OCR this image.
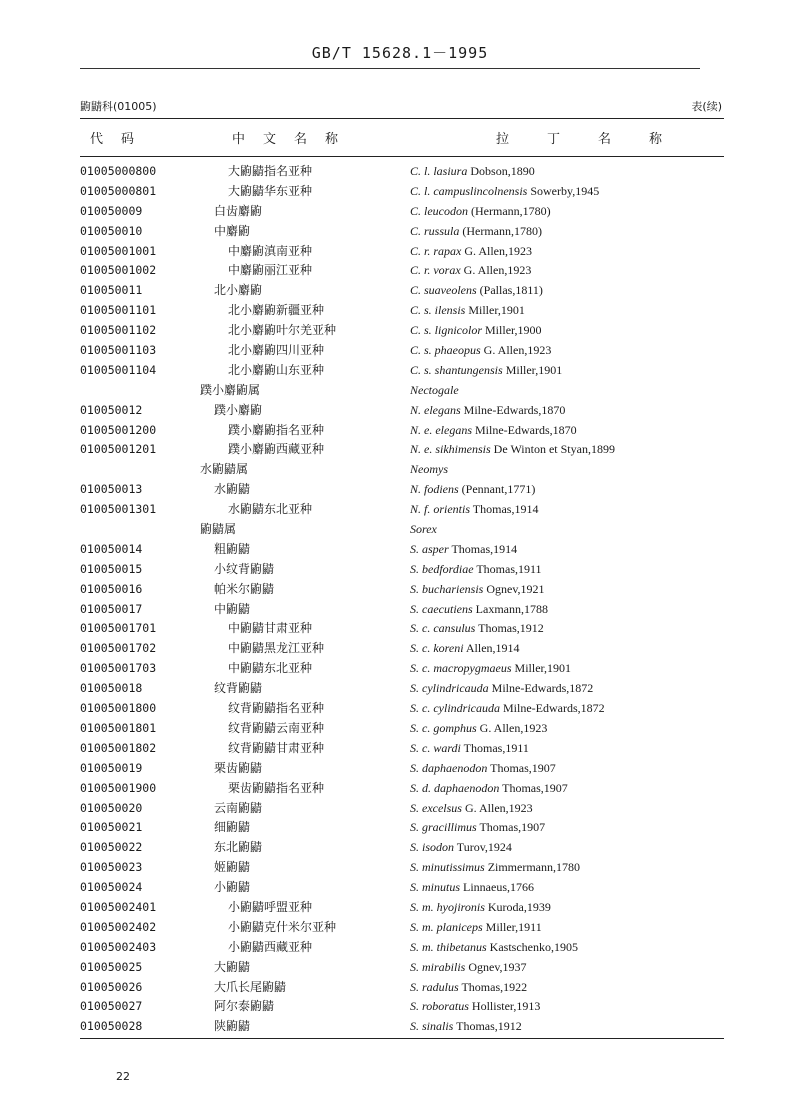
GB/T 15628.1－1995
鼩鼱科(01005)	表(续)
代码	中文名称	拉丁名称
01005000800	大鼩鼱指名亚种	C. l. lasiura Dobson,1890
01005000801	大鼩鼱华东亚种	C. l. campuslincolnensis Sowerby,1945
010050009	白齿麝鼩	C. leucodon (Hermann,1780)
010050010	中麝鼩	C. russula (Hermann,1780)
01005001001	中麝鼩滇南亚种	C. r. rapax G. Allen,1923
01005001002	中麝鼩丽江亚种	C. r. vorax G. Allen,1923
010050011	北小麝鼩	C. suaveolens (Pallas,1811)
01005001101	北小麝鼩新疆亚种	C. s. ilensis Miller,1901
01005001102	北小麝鼩叶尔羌亚种	C. s. lignicolor Miller,1900
01005001103	北小麝鼩四川亚种	C. s. phaeopus G. Allen,1923
01005001104	北小麝鼩山东亚种	C. s. shantungensis Miller,1901
蹼小麝鼩属	Nectogale
010050012	蹼小麝鼩	N. elegans Milne-Edwards,1870
01005001200	蹼小麝鼩指名亚种	N. e. elegans Milne-Edwards,1870
01005001201	蹼小麝鼩西藏亚种	N. e. sikhimensis De Winton et Styan,1899
水鼩鼱属	Neomys
010050013	水鼩鼱	N. fodiens (Pennant,1771)
01005001301	水鼩鼱东北亚种	N. f. orientis Thomas,1914
鼩鼱属	Sorex
010050014	粗鼩鼱	S. asper Thomas,1914
010050015	小纹背鼩鼱	S. bedfordiae Thomas,1911
010050016	帕米尔鼩鼱	S. buchariensis Ognev,1921
010050017	中鼩鼱	S. caecutiens Laxmann,1788
01005001701	中鼩鼱甘肃亚种	S. c. cansulus Thomas,1912
01005001702	中鼩鼱黑龙江亚种	S. c. koreni Allen,1914
01005001703	中鼩鼱东北亚种	S. c. macropygmaeus Miller,1901
010050018	纹背鼩鼱	S. cylindricauda Milne-Edwards,1872
01005001800	纹背鼩鼱指名亚种	S. c. cylindricauda Milne-Edwards,1872
01005001801	纹背鼩鼱云南亚种	S. c. gomphus G. Allen,1923
01005001802	纹背鼩鼱甘肃亚种	S. c. wardi Thomas,1911
010050019	栗齿鼩鼱	S. daphaenodon Thomas,1907
01005001900	栗齿鼩鼱指名亚种	S. d. daphaenodon Thomas,1907
010050020	云南鼩鼱	S. excelsus G. Allen,1923
010050021	细鼩鼱	S. gracillimus Thomas,1907
010050022	东北鼩鼱	S. isodon Turov,1924
010050023	姬鼩鼱	S. minutissimus Zimmermann,1780
010050024	小鼩鼱	S. minutus Linnaeus,1766
01005002401	小鼩鼱呼盟亚种	S. m. hyojironis Kuroda,1939
01005002402	小鼩鼱克什米尔亚种	S. m. planiceps Miller,1911
01005002403	小鼩鼱西藏亚种	S. m. thibetanus Kastschenko,1905
010050025	大鼩鼱	S. mirabilis Ognev,1937
010050026	大爪长尾鼩鼱	S. radulus Thomas,1922
010050027	阿尔泰鼩鼱	S. roboratus Hollister,1913
010050028	陕鼩鼱	S. sinalis Thomas,1912
22
